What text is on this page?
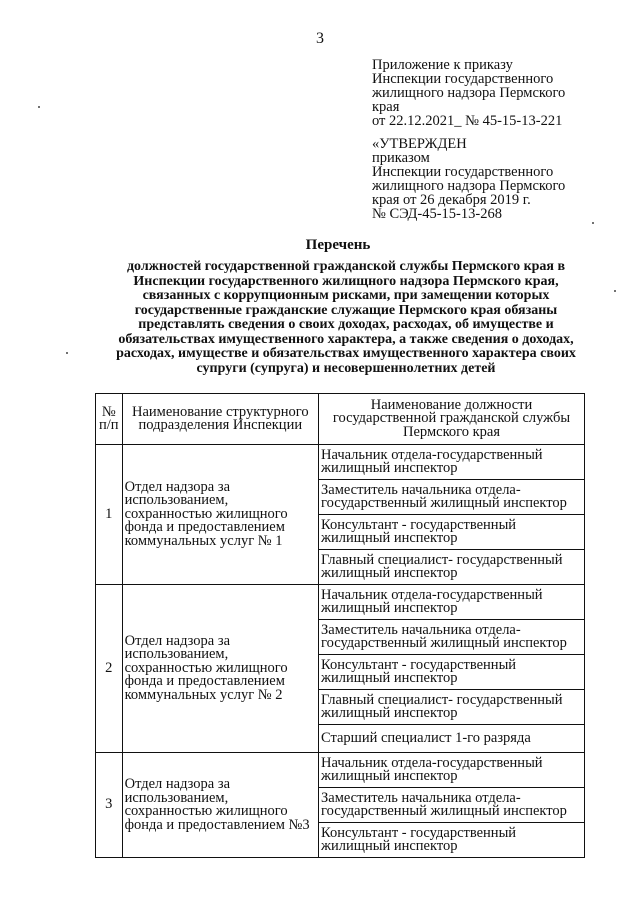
3
Приложение к приказу
Инспекции государственного
жилищного надзора Пермского
края
от 22.12.2021_ № 45-15-13-221
«УТВЕРЖДЕН
приказом
Инспекции государственного
жилищного надзора Пермского
края от 26 декабря 2019 г.
№ СЭД-45-15-13-268
Перечень
должностей государственной гражданской службы Пермского края в
Инспекции государственного жилищного надзора Пермского края,
связанных с коррупционным рисками, при замещении которых
государственные гражданские служащие Пермского края обязаны
представлять сведения о своих доходах, расходах, об имуществе и
обязательствах имущественного характера, а также сведения о доходах,
расходах, имуществе и обязательствах имущественного характера своих
супруги (супруга) и несовершеннолетних детей
№ п/п	Наименование структурного подразделения Инспекции	Наименование должности государственной гражданской службы Пермского края
1	Отдел надзора за использованием, сохранностью жилищного фонда и предоставлением коммунальных услуг № 1	Начальник отдела-государственный жилищный инспектор
		Заместитель начальника отдела-государственный жилищный инспектор
		Консультант - государственный жилищный инспектор
		Главный специалист- государственный жилищный инспектор
2	Отдел надзора за использованием, сохранностью жилищного фонда и предоставлением коммунальных услуг № 2	Начальник отдела-государственный жилищный инспектор
		Заместитель начальника отдела-государственный жилищный инспектор
		Консультант - государственный жилищный инспектор
		Главный специалист- государственный жилищный инспектор
		Старший специалист 1-го разряда
3	Отдел надзора за использованием, сохранностью жилищного фонда и предоставлением №3	Начальник отдела-государственный жилищный инспектор
		Заместитель начальника отдела-государственный жилищный инспектор
		Консультант - государственный жилищный инспектор
